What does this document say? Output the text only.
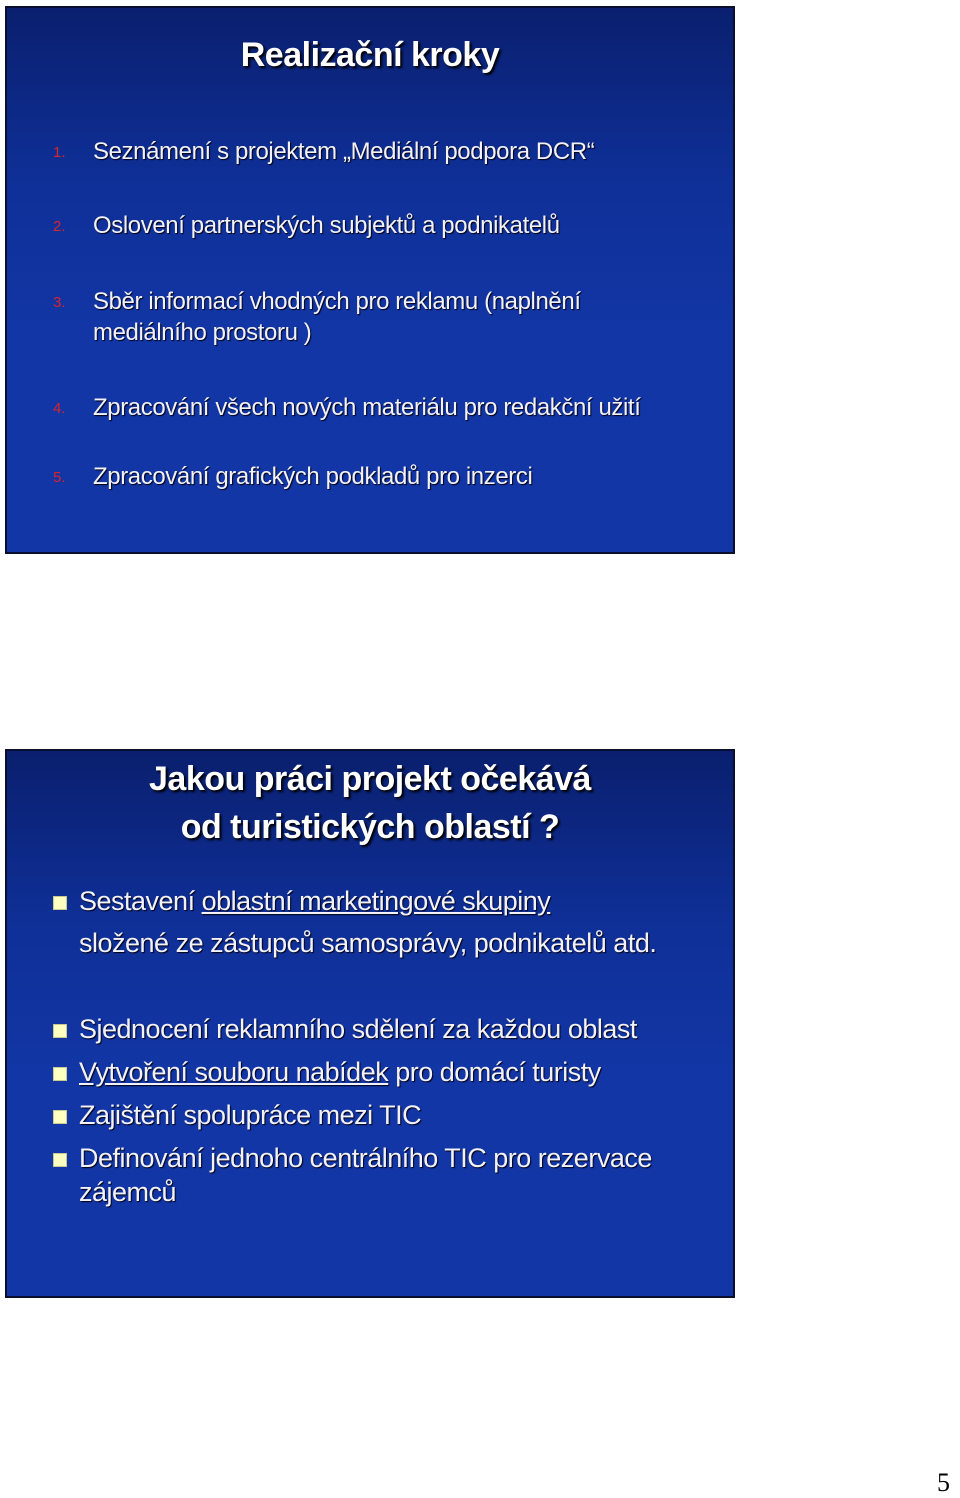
Realizační kroky
1. Seznámení s projektem „Mediální podpora DCR“
2. Oslovení partnerských subjektů a podnikatelů
3. Sběr informací vhodných pro reklamu (naplnění
mediálního prostoru )
4. Zpracování všech nových materiálu pro redakční užití
5. Zpracování grafických podkladů pro inzerci
Jakou práci projekt očekává
od turistických oblastí ?
Sestavení oblastní marketingové skupiny
složené ze zástupců samosprávy, podnikatelů atd.
Sjednocení reklamního sdělení za každou oblast
Vytvoření souboru nabídek pro domácí turisty
Zajištění spolupráce mezi TIC
Definování jednoho centrálního TIC pro rezervace
zájemců
5
